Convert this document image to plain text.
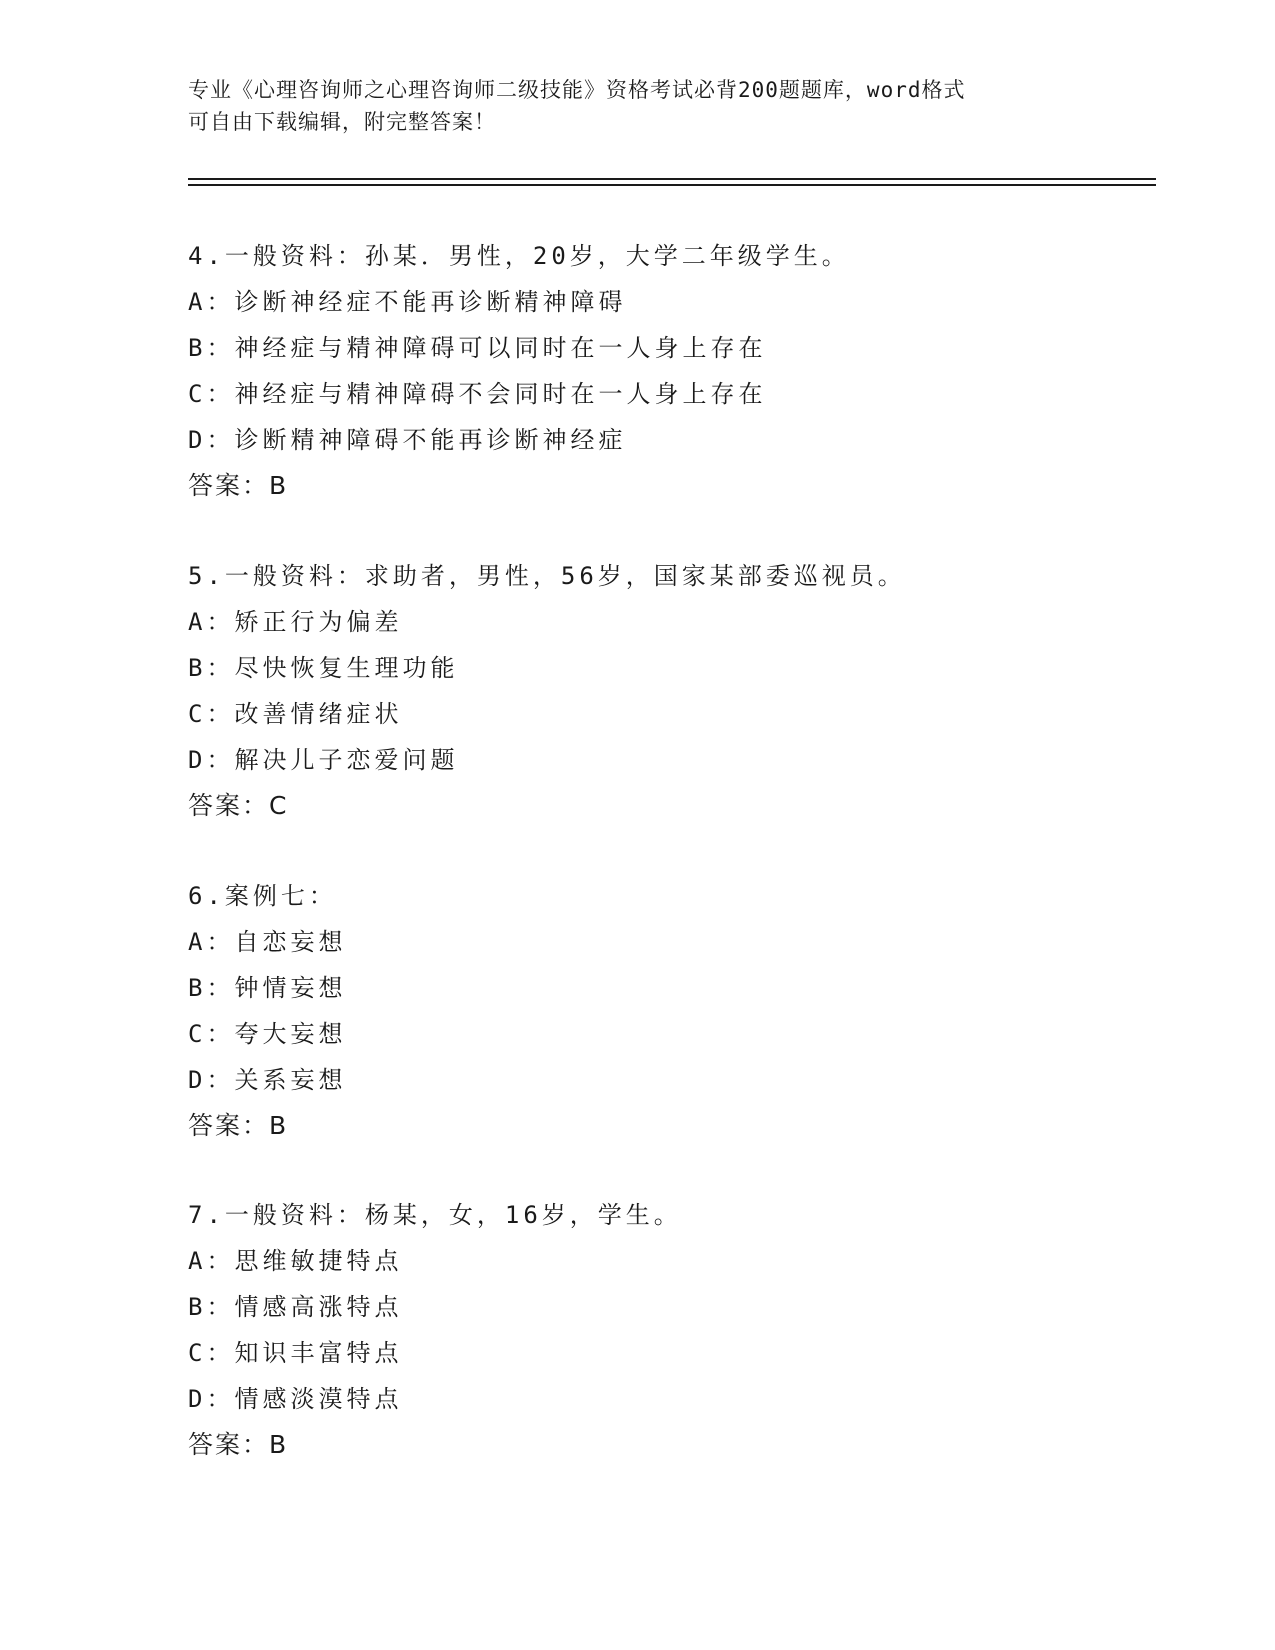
专业《心理咨询师之心理咨询师二级技能》资格考试必背200题题库，word格式
可自由下载编辑，附完整答案！
4.一般资料：孙某．男性，20岁，大学二年级学生。
A：诊断神经症不能再诊断精神障碍
B：神经症与精神障碍可以同时在一人身上存在
C：神经症与精神障碍不会同时在一人身上存在
D：诊断精神障碍不能再诊断神经症
答案：B
5.一般资料：求助者，男性，56岁，国家某部委巡视员。
A：矫正行为偏差
B：尽快恢复生理功能
C：改善情绪症状
D：解决儿子恋爱问题
答案：C
6.案例七：
A：自恋妄想
B：钟情妄想
C：夸大妄想
D：关系妄想
答案：B
7.一般资料：杨某，女，16岁，学生。
A：思维敏捷特点
B：情感高涨特点
C：知识丰富特点
D：情感淡漠特点
答案：B
